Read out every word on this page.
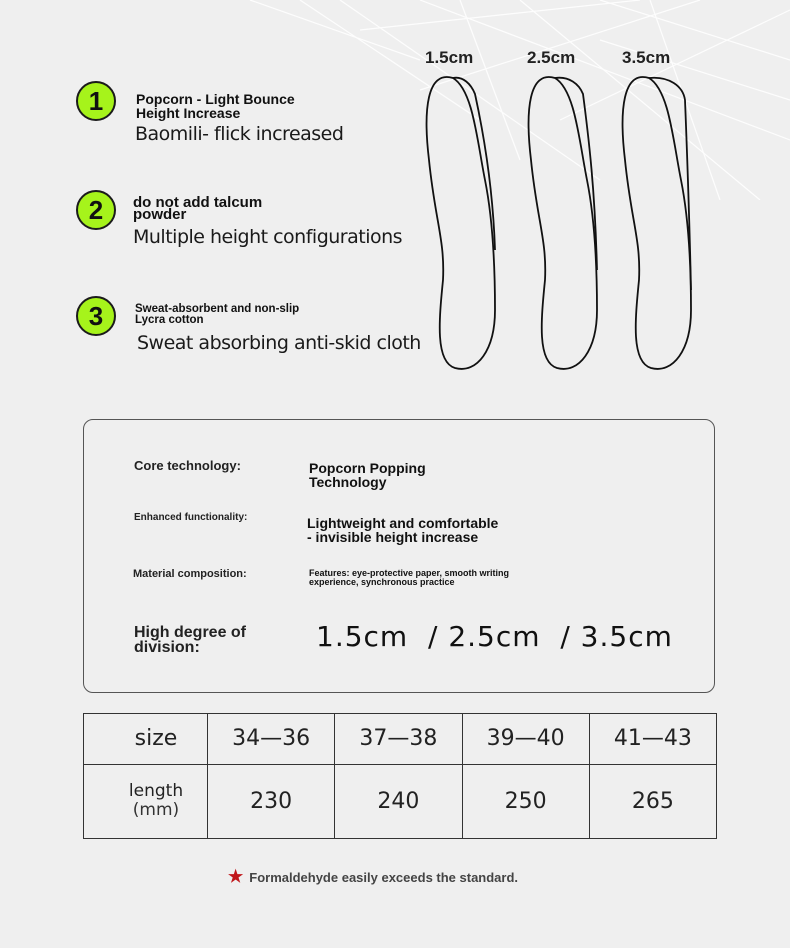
1	Popcorn - Light Bounce
Height Increase
Baomili- flick increased
2	do not add talcum
powder
Multiple height configurations
3	Sweat-absorbent and non-slip
Lycra cotton
Sweat absorbing anti-skid cloth
1.5cm	2.5cm	3.5cm
Core technology:	Popcorn Popping
Technology
Enhanced functionality:	Lightweight and comfortable
- invisible height increase
Material composition:	Features: eye-protective paper, smooth writing
experience, synchronous practice
High degree of
division:	1.5cm  / 2.5cm  / 3.5cm
size	34—36	37—38	39—40	41—43

length
(mm)	230	240	250	265
★ Formaldehyde easily exceeds the standard.
